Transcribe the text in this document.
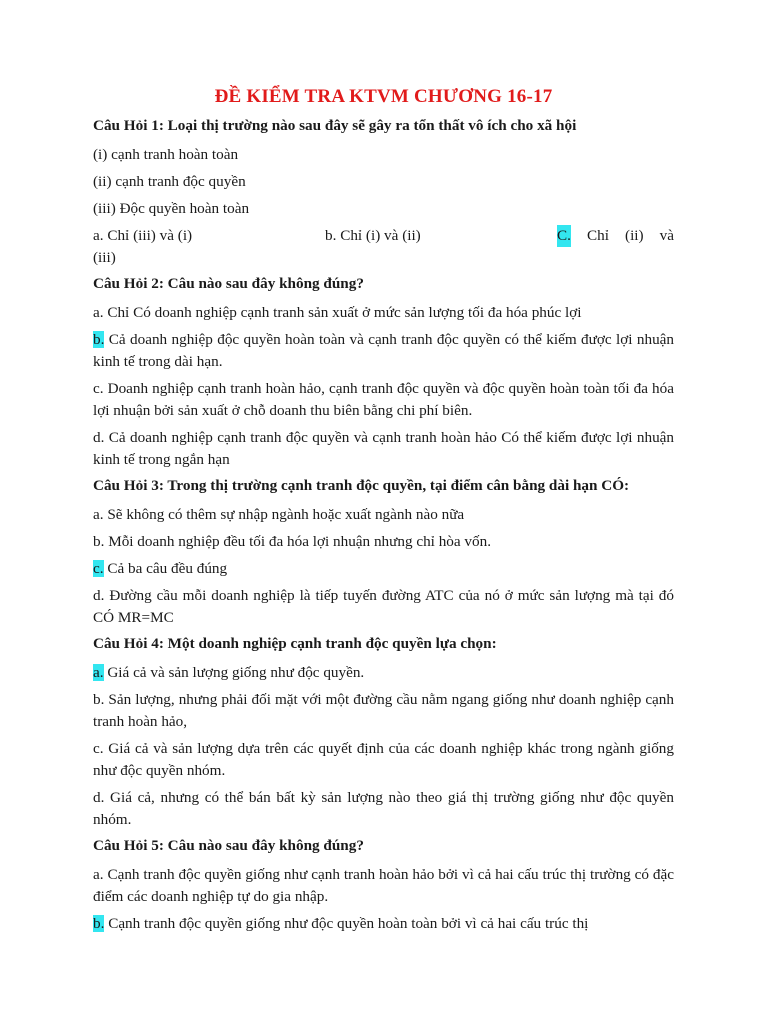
ĐỀ KIỂM TRA KTVM CHƯƠNG 16-17

Câu Hỏi 1: Loại thị trường nào sau đây sẽ gây ra tổn thất vô ích cho xã hội

(i) cạnh tranh hoàn toàn

(ii) cạnh tranh độc quyền

(iii) Độc quyền hoàn toàn

a. Chỉ (iii) và (i)	b. Chỉ (i) và (ii)	C. Chỉ (ii) và

(iii)

Câu Hỏi 2: Câu nào sau đây không đúng?

a. Chỉ Có doanh nghiệp cạnh tranh sản xuất ở mức sản lượng tối đa hóa phúc lợi

b. Cả doanh nghiệp độc quyền hoàn toàn và cạnh tranh độc quyền có thể kiếm được lợi nhuận kinh tế trong dài hạn.

c. Doanh nghiệp cạnh tranh hoàn hảo, cạnh tranh độc quyền và độc quyền hoàn toàn tối đa hóa lợi nhuận bởi sản xuất ở chỗ doanh thu biên bằng chi phí biên.

d. Cả doanh nghiệp cạnh tranh độc quyền và cạnh tranh hoàn hảo Có thể kiếm được lợi nhuận kinh tế trong ngắn hạn

Câu Hỏi 3: Trong thị trường cạnh tranh độc quyền, tại điểm cân bằng dài hạn CÓ:

a. Sẽ không có thêm sự nhập ngành hoặc xuất ngành nào nữa

b. Mỗi doanh nghiệp đều tối đa hóa lợi nhuận nhưng chỉ hòa vốn.

c. Cả ba câu đều đúng

d. Đường cầu mỗi doanh nghiệp là tiếp tuyến đường ATC của nó ở mức sản lượng mà tại đó CÓ MR=MC

Câu Hỏi 4: Một doanh nghiệp cạnh tranh độc quyền lựa chọn:

a. Giá cả và sản lượng giống như độc quyền.

b. Sản lượng, nhưng phải đối mặt với một đường cầu nằm ngang giống như doanh nghiệp cạnh tranh hoàn hảo,

c. Giá cả và sản lượng dựa trên các quyết định của các doanh nghiệp khác trong ngành giống như độc quyền nhóm.

d. Giá cả, nhưng có thể bán bất kỳ sản lượng nào theo giá thị trường giống như độc quyền nhóm.

Câu Hỏi 5: Câu nào sau đây không đúng?

a. Cạnh tranh độc quyền giống như cạnh tranh hoàn hảo bởi vì cả hai cấu trúc thị trường có đặc điểm các doanh nghiệp tự do gia nhập.

b. Cạnh tranh độc quyền giống như độc quyền hoàn toàn bởi vì cả hai cấu trúc thị
